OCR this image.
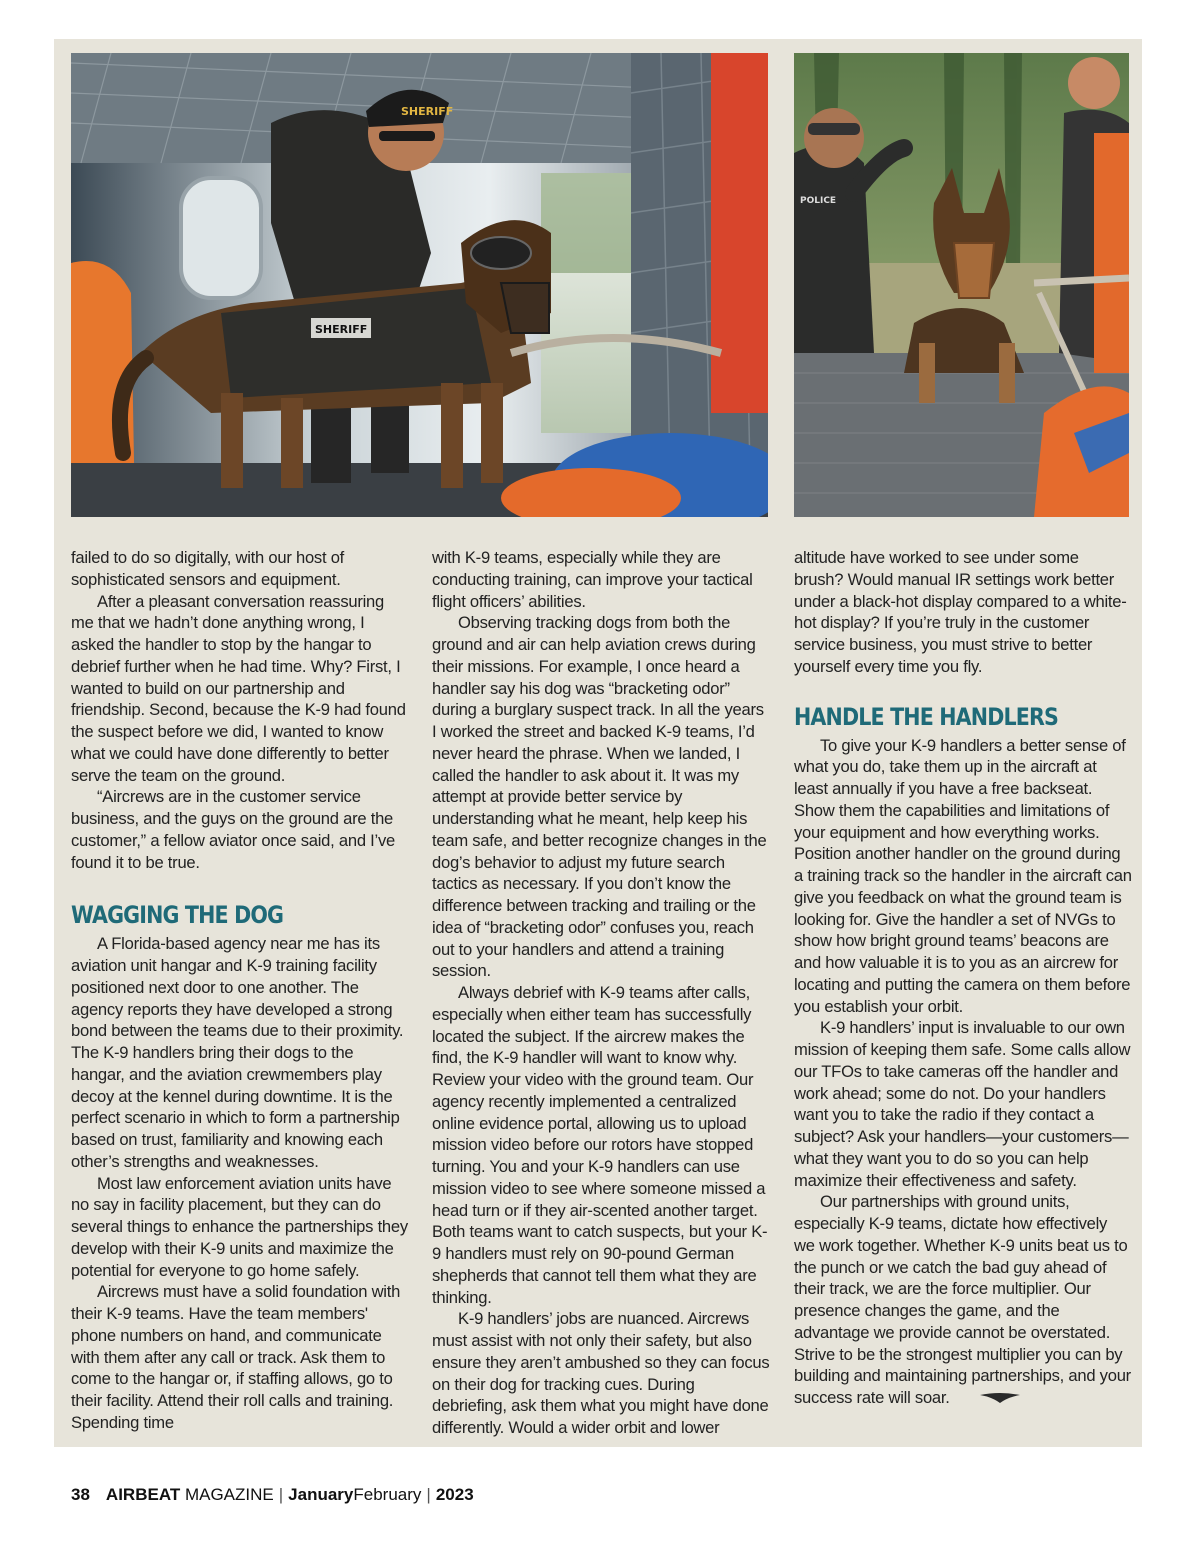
SHERIFF
SHERIFF
POLICE

failed to do so digitally, with our host of sophisticated sensors and equipment.

After a pleasant conversation reassuring me that we hadn’t done anything wrong, I asked the handler to stop by the hangar to debrief further when he had time. Why? First, I wanted to build on our partnership and friendship. Second, because the K-9 had found the suspect before we did, I wanted to know what we could have done differently to better serve the team on the ground.

“Aircrews are in the customer service business, and the guys on the ground are the customer,” a fellow aviator once said, and I’ve found it to be true.

WAGGING THE DOG

A Florida-based agency near me has its aviation unit hangar and K-9 training facility positioned next door to one another. The agency reports they have developed a strong bond between the teams due to their proximity. The K-9 handlers bring their dogs to the hangar, and the aviation crewmembers play decoy at the kennel during downtime. It is the perfect scenario in which to form a partnership based on trust, familiarity and knowing each other’s strengths and weaknesses.

Most law enforcement aviation units have no say in facility placement, but they can do several things to enhance the partnerships they develop with their K-9 units and maximize the potential for everyone to go home safely.

Aircrews must have a solid foundation with their K-9 teams. Have the team members' phone numbers on hand, and communicate with them after any call or track. Ask them to come to the hangar or, if staffing allows, go to their facility. Attend their roll calls and training. Spending time

with K-9 teams, especially while they are conducting training, can improve your tactical flight officers’ abilities.

Observing tracking dogs from both the ground and air can help aviation crews during their missions. For example, I once heard a handler say his dog was “bracketing odor” during a burglary suspect track. In all the years I worked the street and backed K-9 teams, I’d never heard the phrase. When we landed, I called the handler to ask about it. It was my attempt at provide better service by understanding what he meant, help keep his team safe, and better recognize changes in the dog’s behavior to adjust my future search tactics as necessary. If you don’t know the difference between tracking and trailing or the idea of “bracketing odor” confuses you, reach out to your handlers and attend a training session.

Always debrief with K-9 teams after calls, especially when either team has successfully located the subject. If the aircrew makes the find, the K-9 handler will want to know why. Review your video with the ground team. Our agency recently implemented a centralized online evidence portal, allowing us to upload mission video before our rotors have stopped turning. You and your K-9 handlers can use mission video to see where someone missed a head turn or if they air-scented another target. Both teams want to catch suspects, but your K-9 handlers must rely on 90-pound German shepherds that cannot tell them what they are thinking.

K-9 handlers’ jobs are nuanced. Aircrews must assist with not only their safety, but also ensure they aren’t ambushed so they can focus on their dog for tracking cues. During debriefing, ask them what you might have done differently. Would a wider orbit and lower

altitude have worked to see under some brush? Would manual IR settings work better under a black-hot display compared to a white-hot display? If you’re truly in the customer service business, you must strive to better yourself every time you fly.

HANDLE THE HANDLERS

To give your K-9 handlers a better sense of what you do, take them up in the aircraft at least annually if you have a free backseat. Show them the capabilities and limitations of your equipment and how everything works. Position another handler on the ground during a training track so the handler in the aircraft can give you feedback on what the ground team is looking for. Give the handler a set of NVGs to show how bright ground teams’ beacons are and how valuable it is to you as an aircrew for locating and putting the camera on them before you establish your orbit.

K-9 handlers’ input is invaluable to our own mission of keeping them safe. Some calls allow our TFOs to take cameras off the handler and work ahead; some do not. Do your handlers want you to take the radio if they contact a subject? Ask your handlers—your customers—what they want you to do so you can help maximize their effectiveness and safety.

Our partnerships with ground units, especially K-9 teams, dictate how effectively we work together. Whether K-9 units beat us to the punch or we catch the bad guy ahead of their track, we are the force multiplier. Our presence changes the game, and the advantage we provide cannot be overstated. Strive to be the strongest multiplier you can by building and maintaining partnerships, and your success rate will soar.

38 AIRBEAT MAGAZINE | JanuaryFebruary | 2023
